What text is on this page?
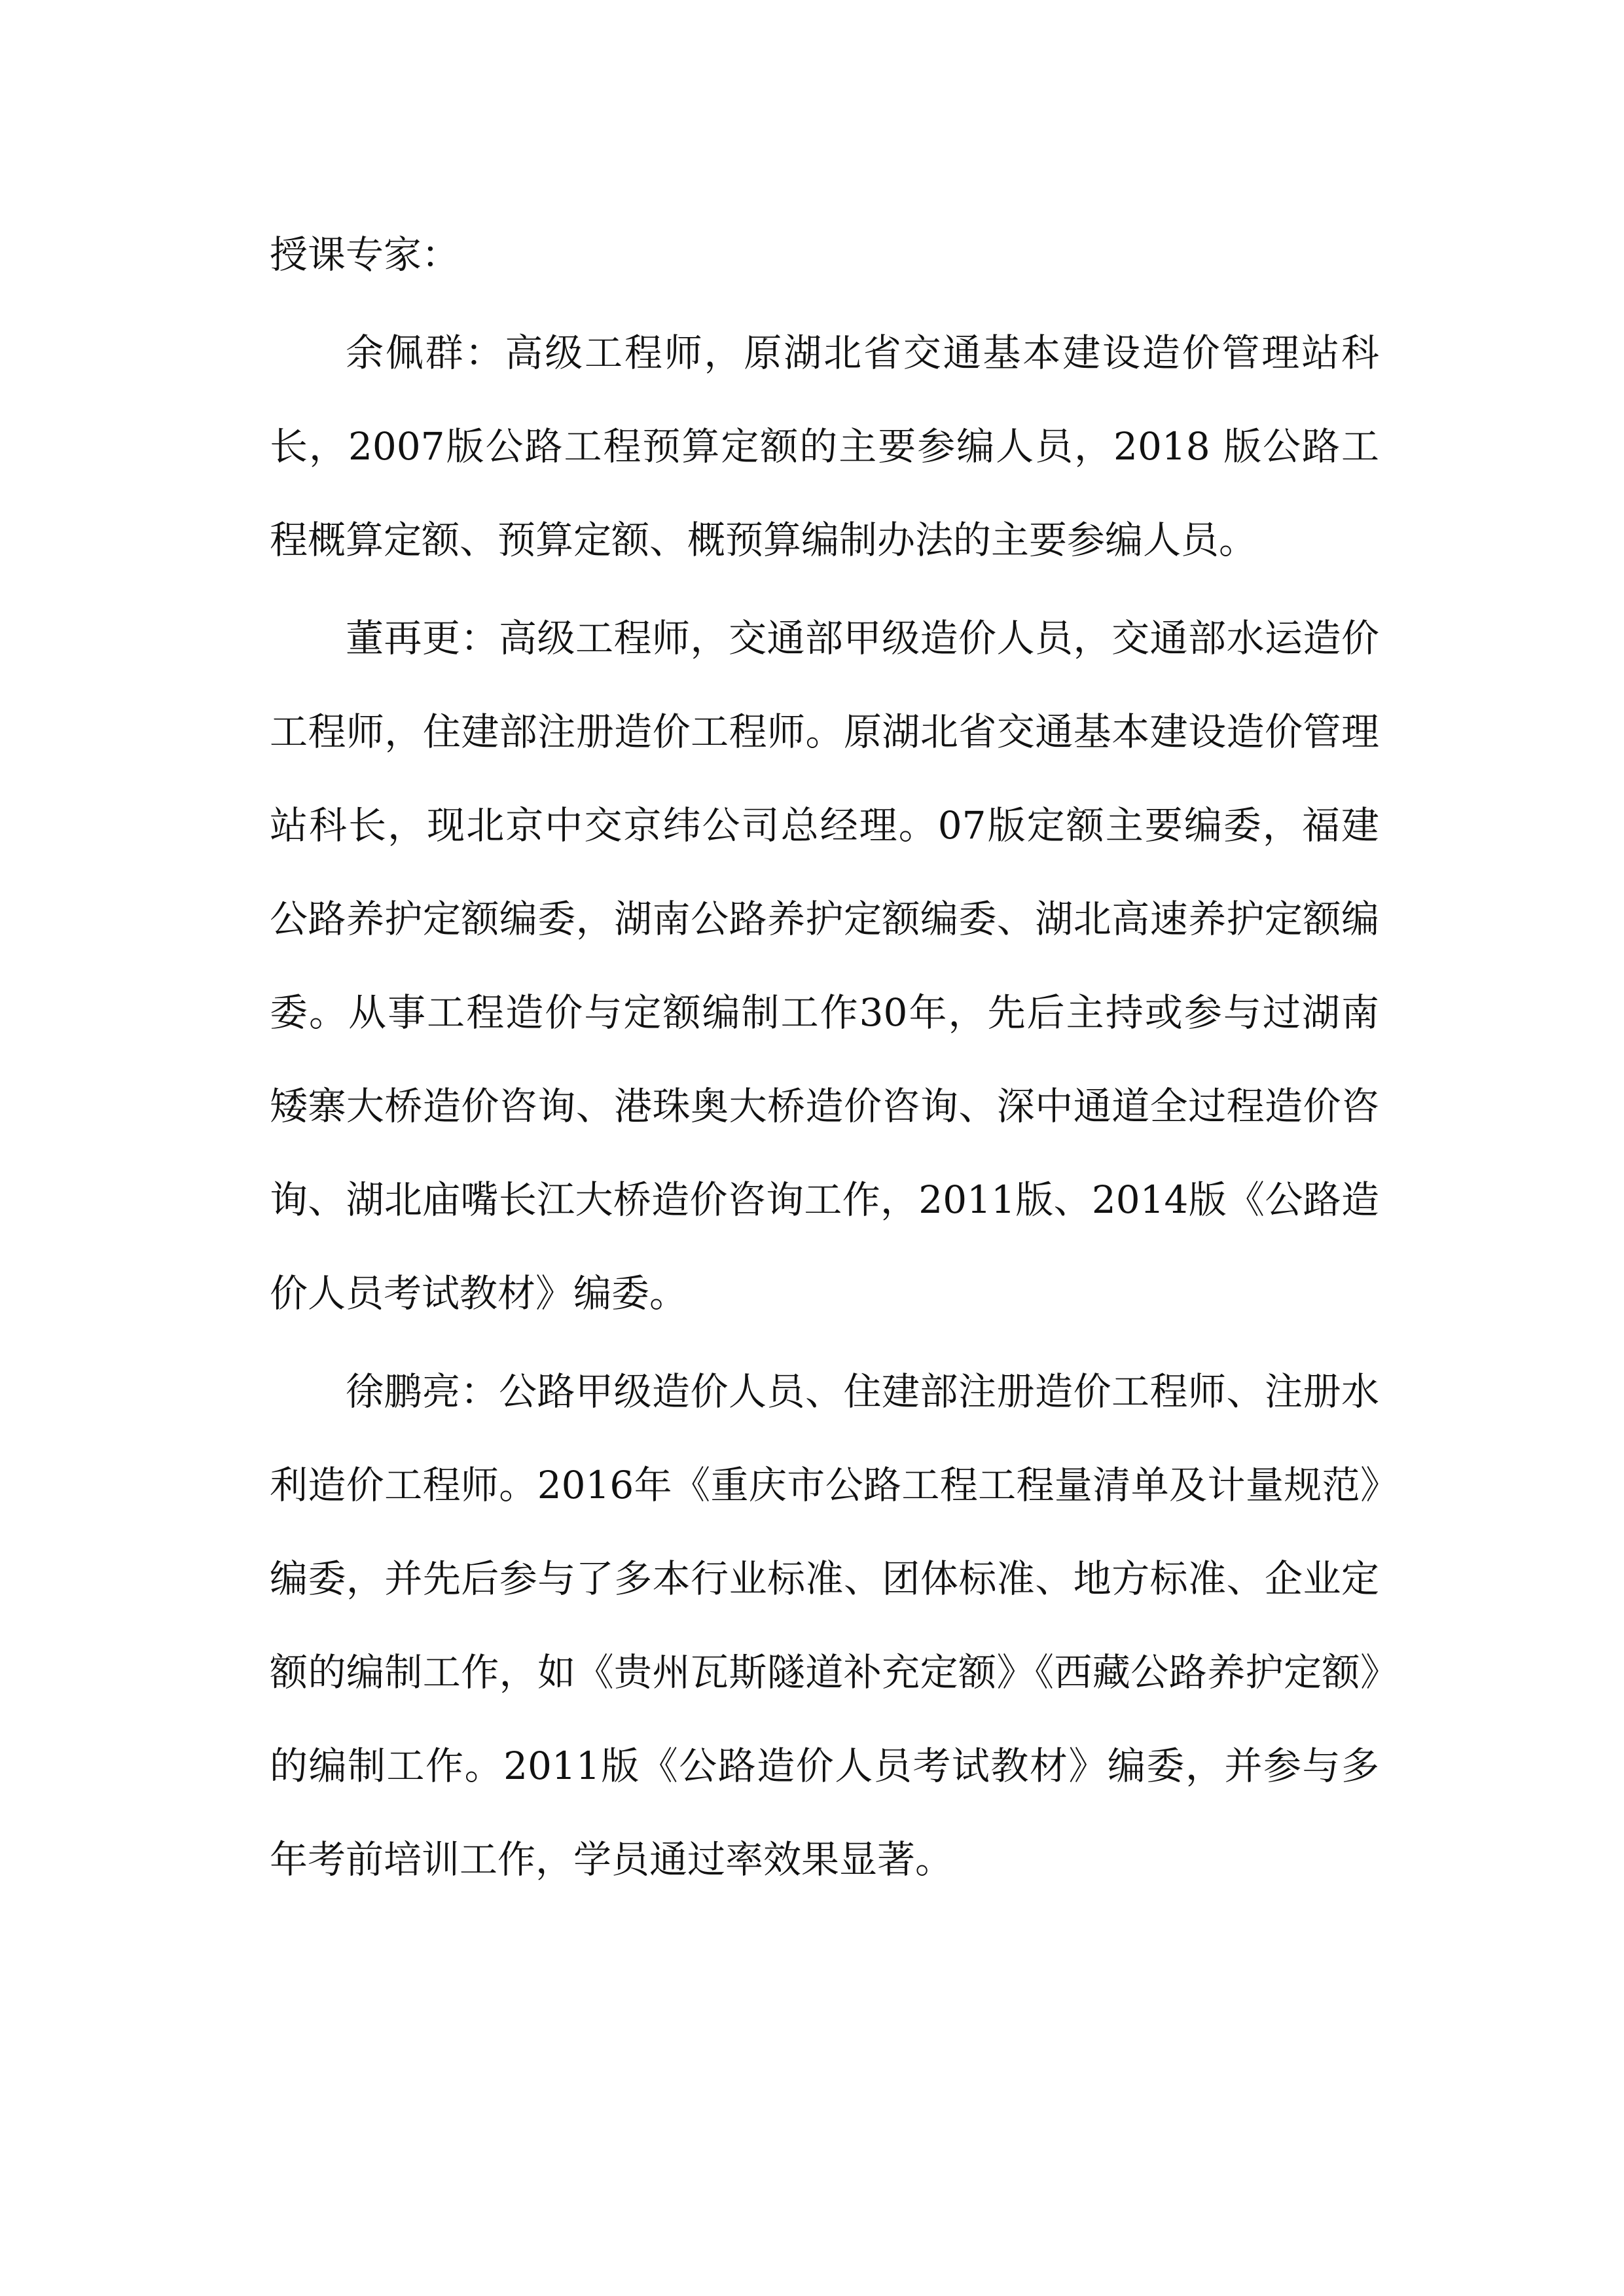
授课专家：

余佩群：高级工程师，原湖北省交通基本建设造价管理站科长，2007版公路工程预算定额的主要参编人员，2018 版公路工程概算定额、预算定额、概预算编制办法的主要参编人员。

董再更：高级工程师，交通部甲级造价人员，交通部水运造价工程师，住建部注册造价工程师。原湖北省交通基本建设造价管理站科长，现北京中交京纬公司总经理。07版定额主要编委，福建公路养护定额编委，湖南公路养护定额编委、湖北高速养护定额编委。从事工程造价与定额编制工作30年，先后主持或参与过湖南矮寨大桥造价咨询、港珠奥大桥造价咨询、深中通道全过程造价咨询、湖北庙嘴长江大桥造价咨询工作，2011版、2014版《公路造价人员考试教材》编委。

徐鹏亮：公路甲级造价人员、住建部注册造价工程师、注册水利造价工程师。2016年《重庆市公路工程工程量清单及计量规范》编委，并先后参与了多本行业标准、团体标准、地方标准、企业定额的编制工作，如《贵州瓦斯隧道补充定额》《西藏公路养护定额》的编制工作。2011版《公路造价人员考试教材》编委，并参与多年考前培训工作，学员通过率效果显著。
